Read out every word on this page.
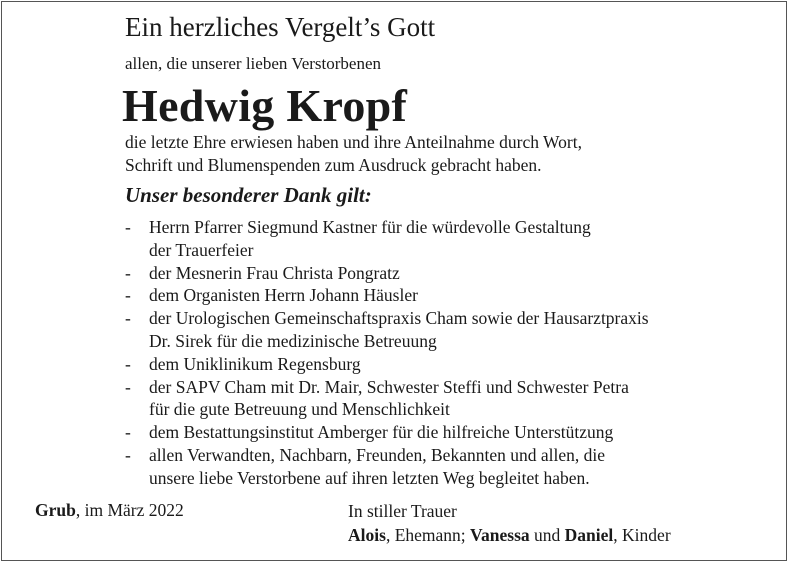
Ein herzliches Vergelt’s Gott
allen, die unserer lieben Verstorbenen
Hedwig Kropf
die letzte Ehre erwiesen haben und ihre Anteilnahme durch Wort,
Schrift und Blumenspenden zum Ausdruck gebracht haben.
Unser besonderer Dank gilt:
- Herrn Pfarrer Siegmund Kastner für die würdevolle Gestaltung
der Trauerfeier
- der Mesnerin Frau Christa Pongratz
- dem Organisten Herrn Johann Häusler
- der Urologischen Gemeinschaftspraxis Cham sowie der Hausarztpraxis
Dr. Sirek für die medizinische Betreuung
- dem Uniklinikum Regensburg
- der SAPV Cham mit Dr. Mair, Schwester Steffi und Schwester Petra
für die gute Betreuung und Menschlichkeit
- dem Bestattungsinstitut Amberger für die hilfreiche Unterstützung
- allen Verwandten, Nachbarn, Freunden, Bekannten und allen, die
unsere liebe Verstorbene auf ihren letzten Weg begleitet haben.
Grub, im März 2022	In stiller Trauer
Alois, Ehemann; Vanessa und Daniel, Kinder
